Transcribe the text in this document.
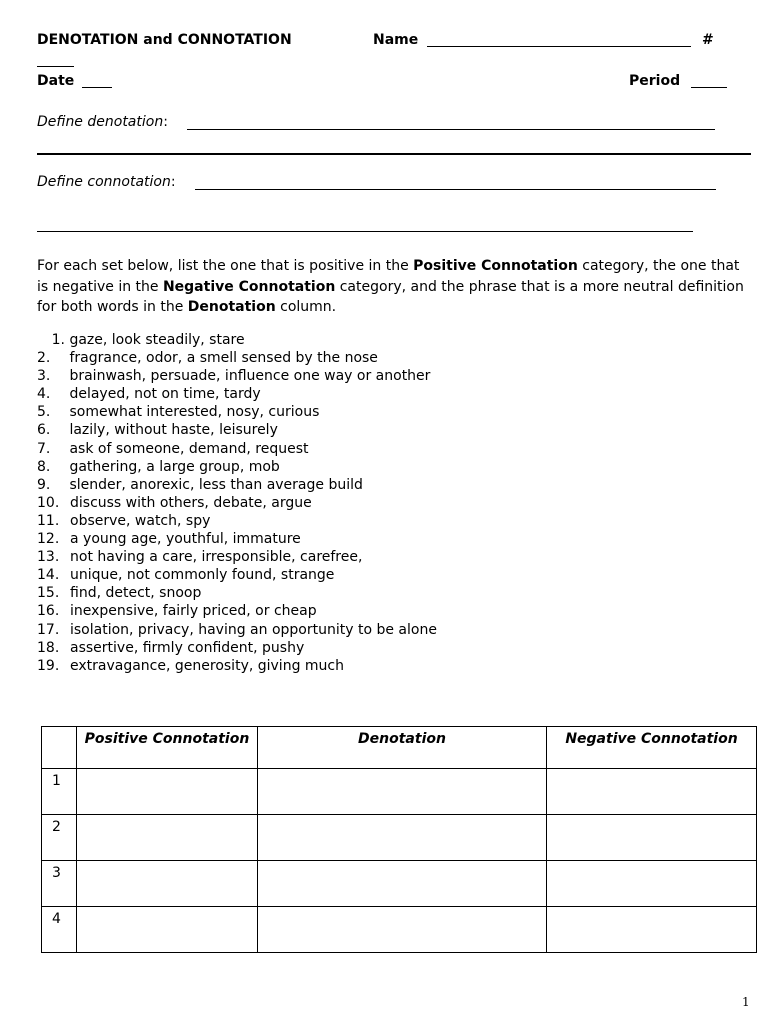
DENOTATION and CONNOTATION	Name	#
Date	Period
Define denotation:
Define connotation:
For each set below, list the one that is positive in the Positive Connotation category, the one that is negative in the Negative Connotation category, and the phrase that is a more neutral definition for both words in the Denotation column.
1. gaze, look steadily, stare
2. fragrance, odor, a smell sensed by the nose
3. brainwash, persuade, influence one way or another
4. delayed, not on time, tardy
5. somewhat interested, nosy, curious
6. lazily, without haste, leisurely
7. ask of someone, demand, request
8. gathering, a large group, mob
9. slender, anorexic, less than average build
10. discuss with others, debate, argue
11. observe, watch, spy
12. a young age, youthful, immature
13. not having a care, irresponsible, carefree,
14. unique, not commonly found, strange
15. find, detect, snoop
16. inexpensive, fairly priced, or cheap
17. isolation, privacy, having an opportunity to be alone
18. assertive, firmly confident, pushy
19. extravagance, generosity, giving much
	Positive Connotation	Denotation	Negative Connotation
1			
2			
3			
4			
1
